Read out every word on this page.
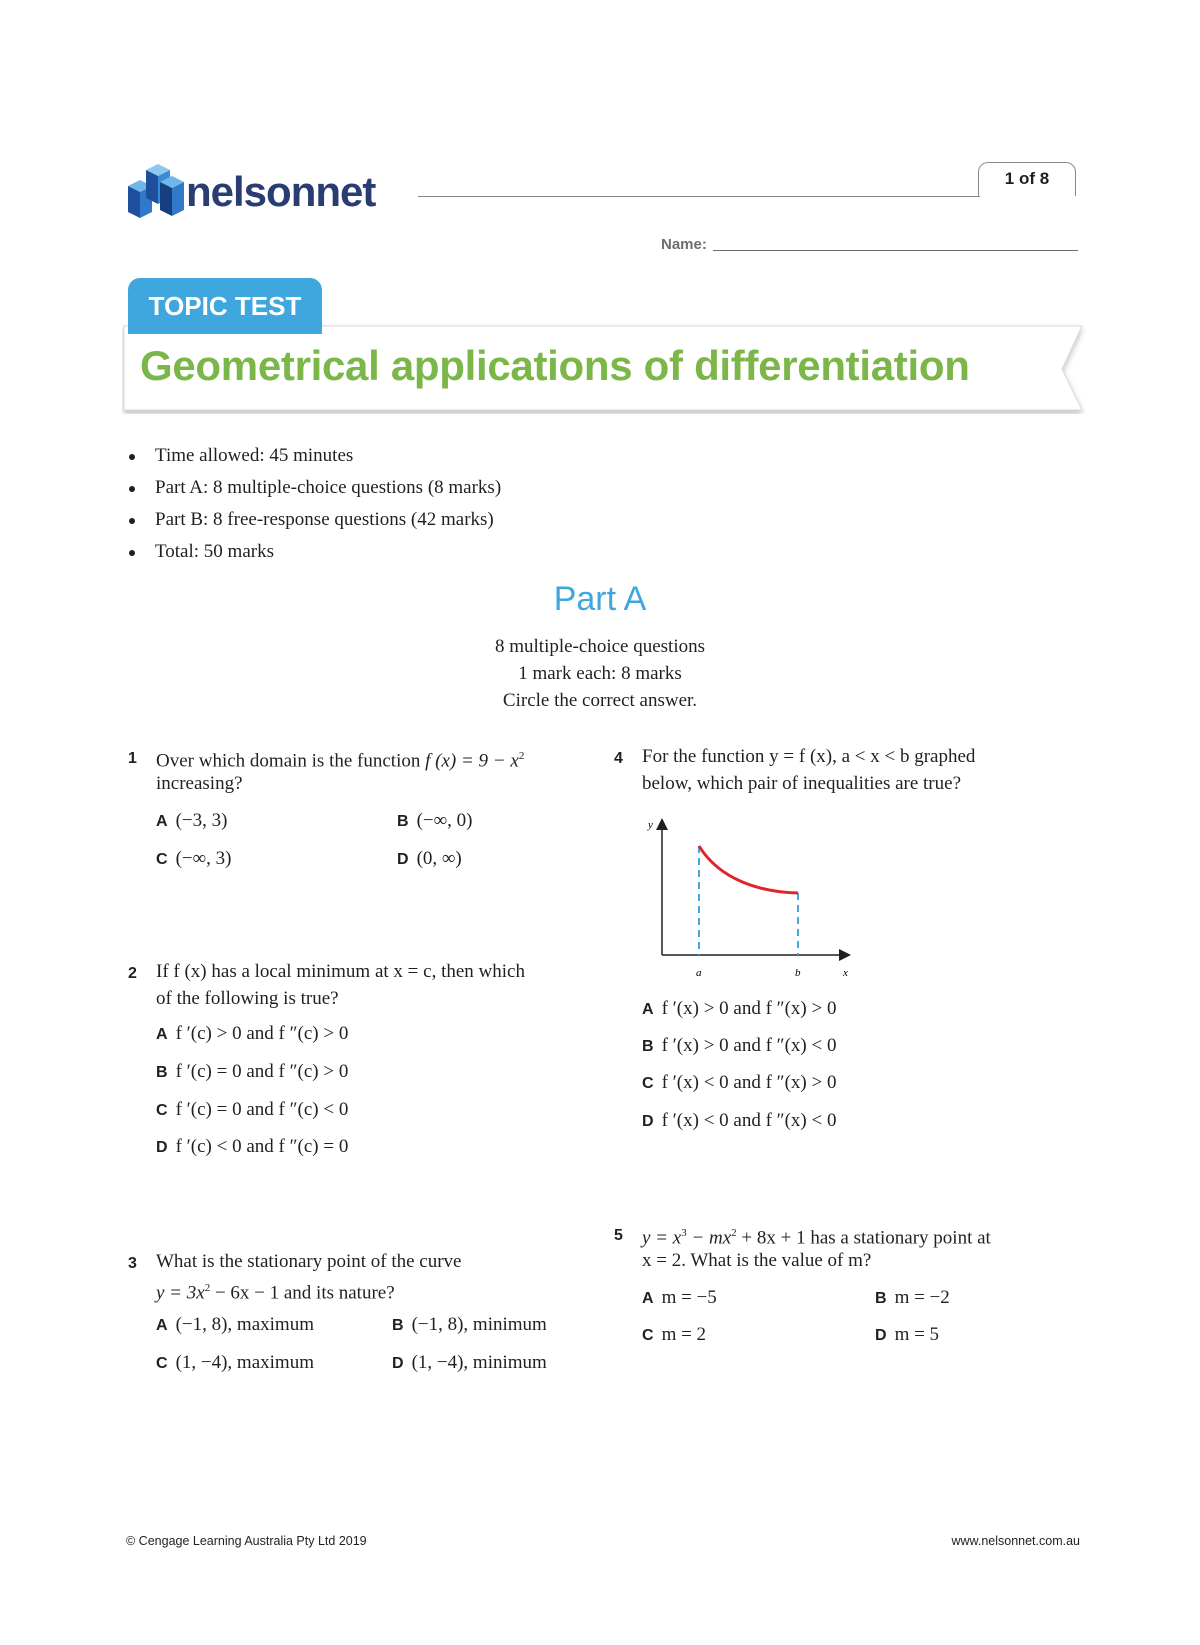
nelsonnet	1 of 8
Name:
TOPIC TEST
Geometrical applications of differentiation
Time allowed: 45 minutes
Part A: 8 multiple-choice questions (8 marks)
Part B: 8 free-response questions (42 marks)
Total: 50 marks
Part A
8 multiple-choice questions
1 mark each: 8 marks
Circle the correct answer.
1 Over which domain is the function f $(x) = 9 - x^2$
increasing?
A (−3, 3)	B (−∞, 0)
C (−∞, 3)	D (0, ∞)
2 If f (x) has a local minimum at x = c, then which
of the following is true?
A f ′(c) > 0 and f ″(c) > 0
B f ′(c) = 0 and f ″(c) > 0
C f ′(c) = 0 and f ″(c) < 0
D f ′(c) < 0 and f ″(c) = 0
3 What is the stationary point of the curve
$y = 3x^2 - 6x - 1$ and its nature?
A (−1, 8), maximum	B (−1, 8), minimum
C (1, −4), maximum	D (1, −4), minimum
4 For the function y = f (x), a < x < b graphed
below, which pair of inequalities are true?
y
x
a	b
A f ′(x) > 0 and f ″(x) > 0
B f ′(x) > 0 and f ″(x) < 0
C f ′(x) < 0 and f ″(x) > 0
D f ′(x) < 0 and f ″(x) < 0
5 $y = x^3 - mx^2 + 8x + 1$ has a stationary point at
x = 2. What is the value of m?
A m = −5	B m = −2
C m = 2	D m = 5
© Cengage Learning Australia Pty Ltd 2019	www.nelsonnet.com.au
